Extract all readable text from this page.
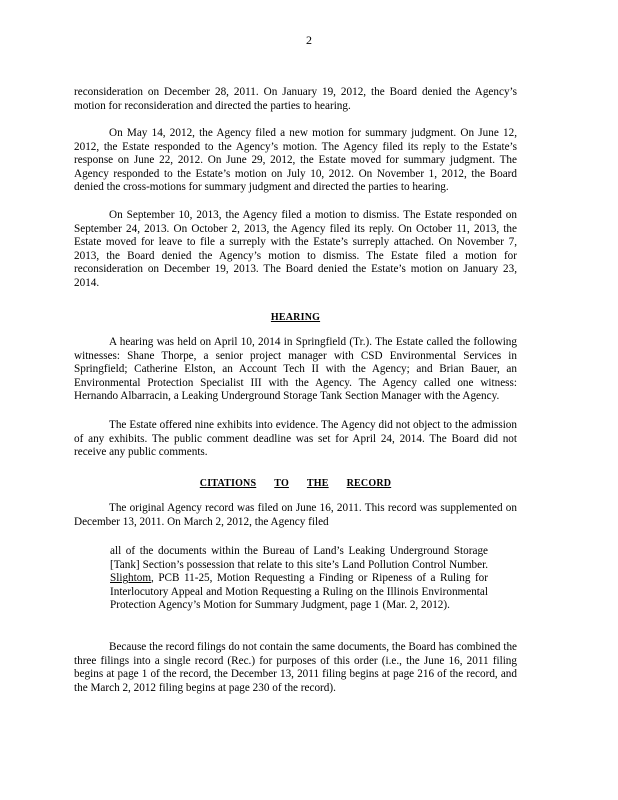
2

reconsideration on December 28, 2011. On January 19, 2012, the Board denied the Agency’s motion for reconsideration and directed the parties to hearing.

On May 14, 2012, the Agency filed a new motion for summary judgment. On June 12, 2012, the Estate responded to the Agency’s motion. The Agency filed its reply to the Estate’s response on June 22, 2012. On June 29, 2012, the Estate moved for summary judgment. The Agency responded to the Estate’s motion on July 10, 2012. On November 1, 2012, the Board denied the cross-motions for summary judgment and directed the parties to hearing.

On September 10, 2013, the Agency filed a motion to dismiss. The Estate responded on September 24, 2013. On October 2, 2013, the Agency filed its reply. On October 11, 2013, the Estate moved for leave to file a surreply with the Estate’s surreply attached. On November 7, 2013, the Board denied the Agency’s motion to dismiss. The Estate filed a motion for reconsideration on December 19, 2013. The Board denied the Estate’s motion on January 23, 2014.

HEARING

A hearing was held on April 10, 2014 in Springfield (Tr.). The Estate called the following witnesses: Shane Thorpe, a senior project manager with CSD Environmental Services in Springfield; Catherine Elston, an Account Tech II with the Agency; and Brian Bauer, an Environmental Protection Specialist III with the Agency. The Agency called one witness: Hernando Albarracin, a Leaking Underground Storage Tank Section Manager with the Agency.

The Estate offered nine exhibits into evidence. The Agency did not object to the admission of any exhibits. The public comment deadline was set for April 24, 2014. The Board did not receive any public comments.

CITATIONS TO THE RECORD

The original Agency record was filed on June 16, 2011. This record was supplemented on December 13, 2011. On March 2, 2012, the Agency filed

all of the documents within the Bureau of Land’s Leaking Underground Storage [Tank] Section’s possession that relate to this site’s Land Pollution Control Number. Slightom, PCB 11-25, Motion Requesting a Finding or Ripeness of a Ruling for Interlocutory Appeal and Motion Requesting a Ruling on the Illinois Environmental Protection Agency’s Motion for Summary Judgment, page 1 (Mar. 2, 2012).

Because the record filings do not contain the same documents, the Board has combined the three filings into a single record (Rec.) for purposes of this order (i.e., the June 16, 2011 filing begins at page 1 of the record, the December 13, 2011 filing begins at page 216 of the record, and the March 2, 2012 filing begins at page 230 of the record).
